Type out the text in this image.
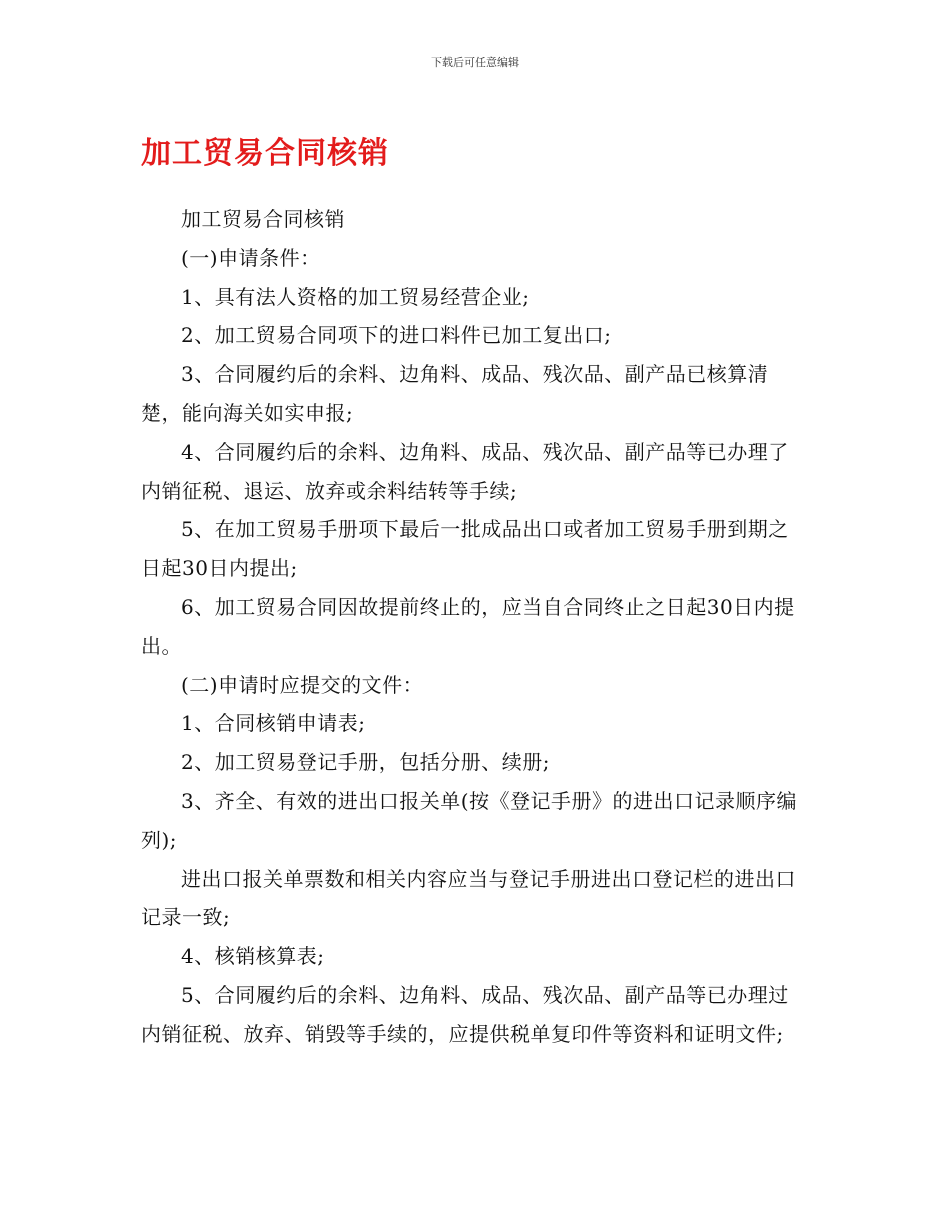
下载后可任意编辑
加工贸易合同核销

加工贸易合同核销

(一)申请条件：

1、具有法人资格的加工贸易经营企业;

2、加工贸易合同项下的进口料件已加工复出口;

3、合同履约后的余料、边角料、成品、残次品、副产品已核算清楚，能向海关如实申报;

4、合同履约后的余料、边角料、成品、残次品、副产品等已办理了内销征税、退运、放弃或余料结转等手续;

5、在加工贸易手册项下最后一批成品出口或者加工贸易手册到期之日起30日内提出;

6、加工贸易合同因故提前终止的，应当自合同终止之日起30日内提出。

(二)申请时应提交的文件：

1、合同核销申请表;

2、加工贸易登记手册，包括分册、续册;

3、齐全、有效的进出口报关单(按《登记手册》的进出口记录顺序编列);

进出口报关单票数和相关内容应当与登记手册进出口登记栏的进出口记录一致;

4、核销核算表;

5、合同履约后的余料、边角料、成品、残次品、副产品等已办理过内销征税、放弃、销毁等手续的，应提供税单复印件等资料和证明文件;
